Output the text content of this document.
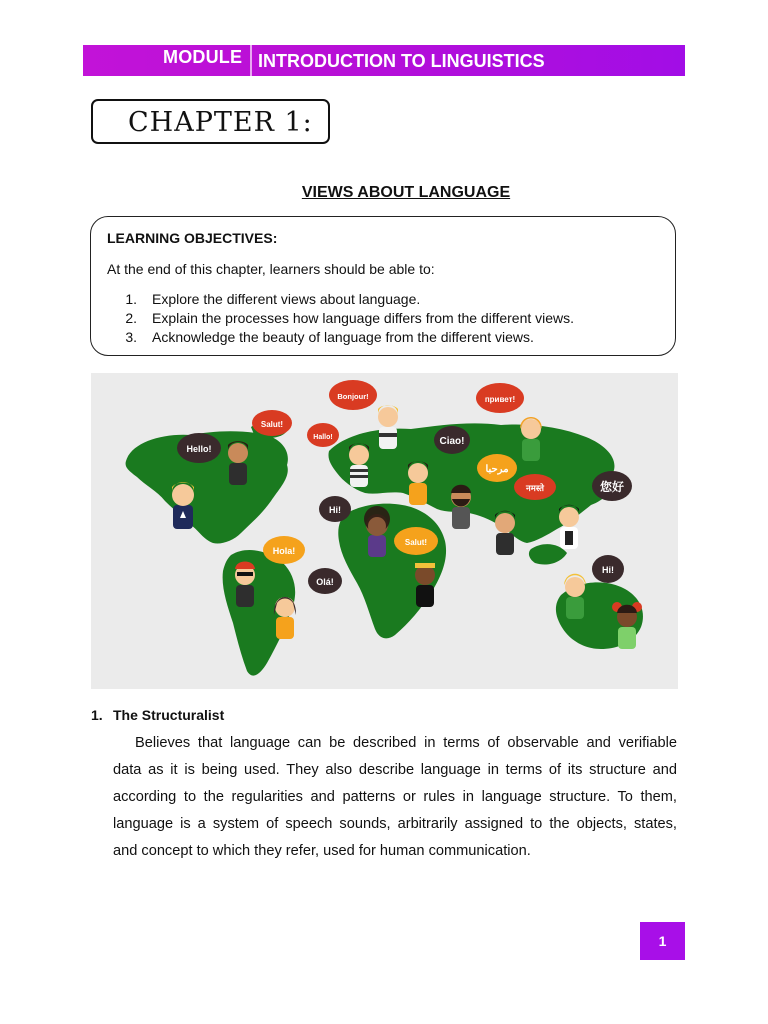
MODULE INTRODUCTION TO LINGUISTICS
CHAPTER 1:
VIEWS ABOUT LANGUAGE
LEARNING OBJECTIVES:
At the end of this chapter, learners should be able to:
1. Explore the different views about language.
2. Explain the processes how language differs from the different views.
3. Acknowledge the beauty of language from the different views.
Hello!
Salut!
Hallo!
Bonjour!
Ciao!
привет!
مرحبا
नमस्ते	您好
Hi!
Hola!
Salut!
Olá!
Hi!
1. The Structuralist
Believes that language can be described in terms of observable and verifiable
data as it is being used. They also describe language in terms of its structure and
according to the regularities and patterns or rules in language structure. To them,
language is a system of speech sounds, arbitrarily assigned to the objects, states,
and concept to which they refer, used for human communication.
1
